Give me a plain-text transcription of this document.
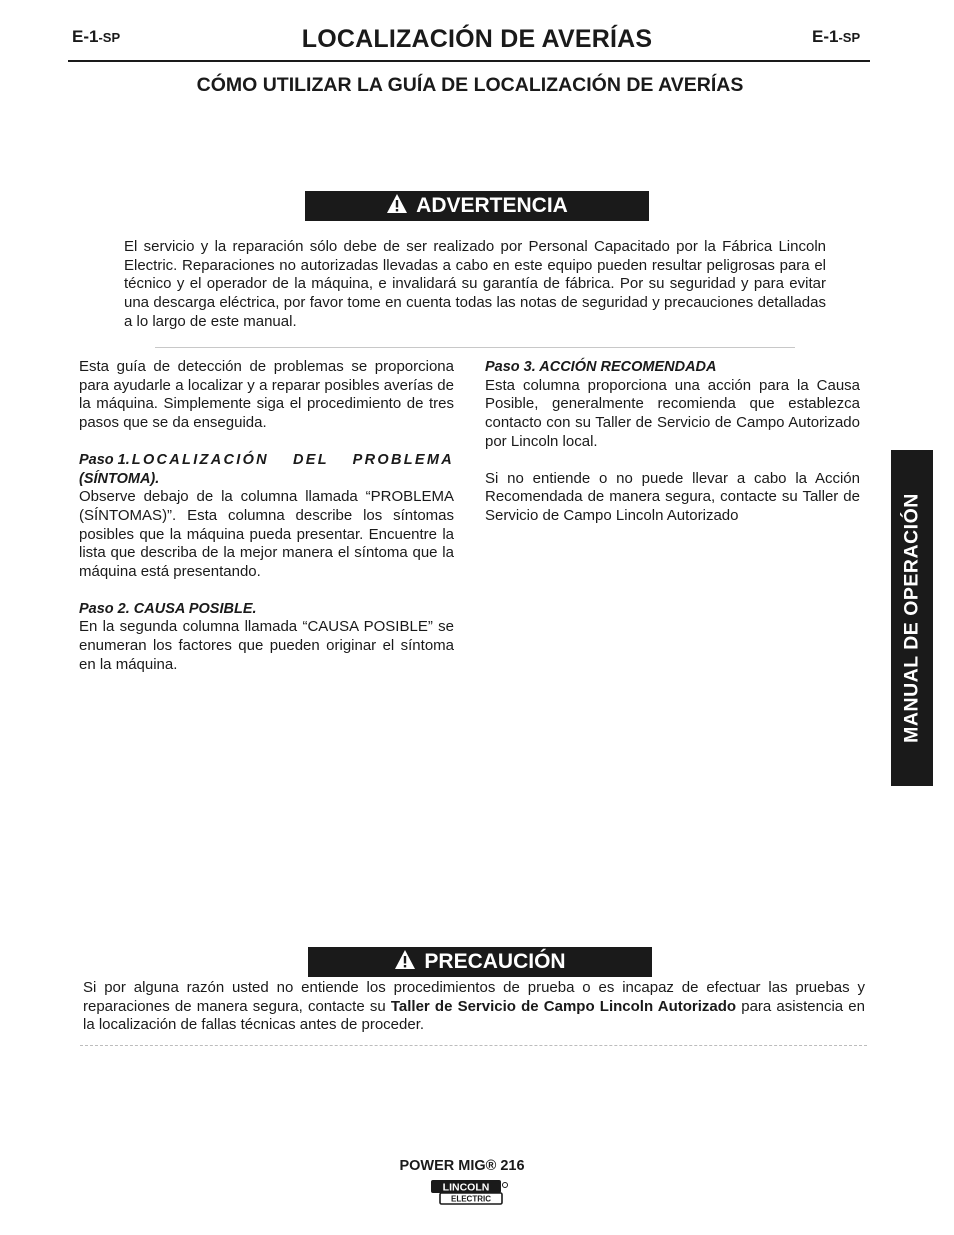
E-1-SP	E-1-SP
LOCALIZACIÓN DE AVERÍAS
CÓMO UTILIZAR LA GUÍA DE LOCALIZACIÓN DE AVERÍAS
ADVERTENCIA
El servicio y la reparación sólo debe de ser realizado por Personal Capacitado por la Fábrica Lincoln Electric. Reparaciones no autorizadas llevadas a cabo en este equipo pueden resultar peligrosas para el técnico y el operador de la máquina, e invalidará su garantía de fábrica. Por su seguridad y para evitar una descarga eléctrica, por favor tome en cuenta todas las notas de seguridad y precauciones detalladas a lo largo de este manual.
Esta guía de detección de problemas se proporciona para ayudarle a localizar y a reparar posibles averías de la máquina. Simplemente siga el procedimiento de tres pasos que se da enseguida.
Paso 1. LOCALIZACIÓN DEL PROBLEMA
(SÍNTOMA).
Observe debajo de la columna llamada “PROBLEMA (SÍNTOMAS)”. Esta columna describe los síntomas posibles que la máquina pueda presentar. Encuentre la lista que describa de la mejor manera el síntoma que la máquina está presentando.
Paso 2. CAUSA POSIBLE.
En la segunda columna llamada “CAUSA POSIBLE” se enumeran los factores que pueden originar el síntoma en la máquina.
Paso 3. ACCIÓN RECOMENDADA
Esta columna proporciona una acción para la Causa Posible, generalmente recomienda que establezca contacto con su Taller de Servicio de Campo Autorizado por Lincoln local.
Si no entiende o no puede llevar a cabo la Acción Recomendada de manera segura, contacte su Taller de Servicio de Campo Lincoln Autorizado	MANUAL DE OPERACIÓN
PRECAUCIÓN
Si por alguna razón usted no entiende los procedimientos de prueba o es incapaz de efectuar las pruebas y reparaciones de manera segura, contacte su Taller de Servicio de Campo Lincoln Autorizado para asistencia en la localización de fallas técnicas antes de proceder.
POWER MIG® 216
LINCOLN
ELECTRIC
